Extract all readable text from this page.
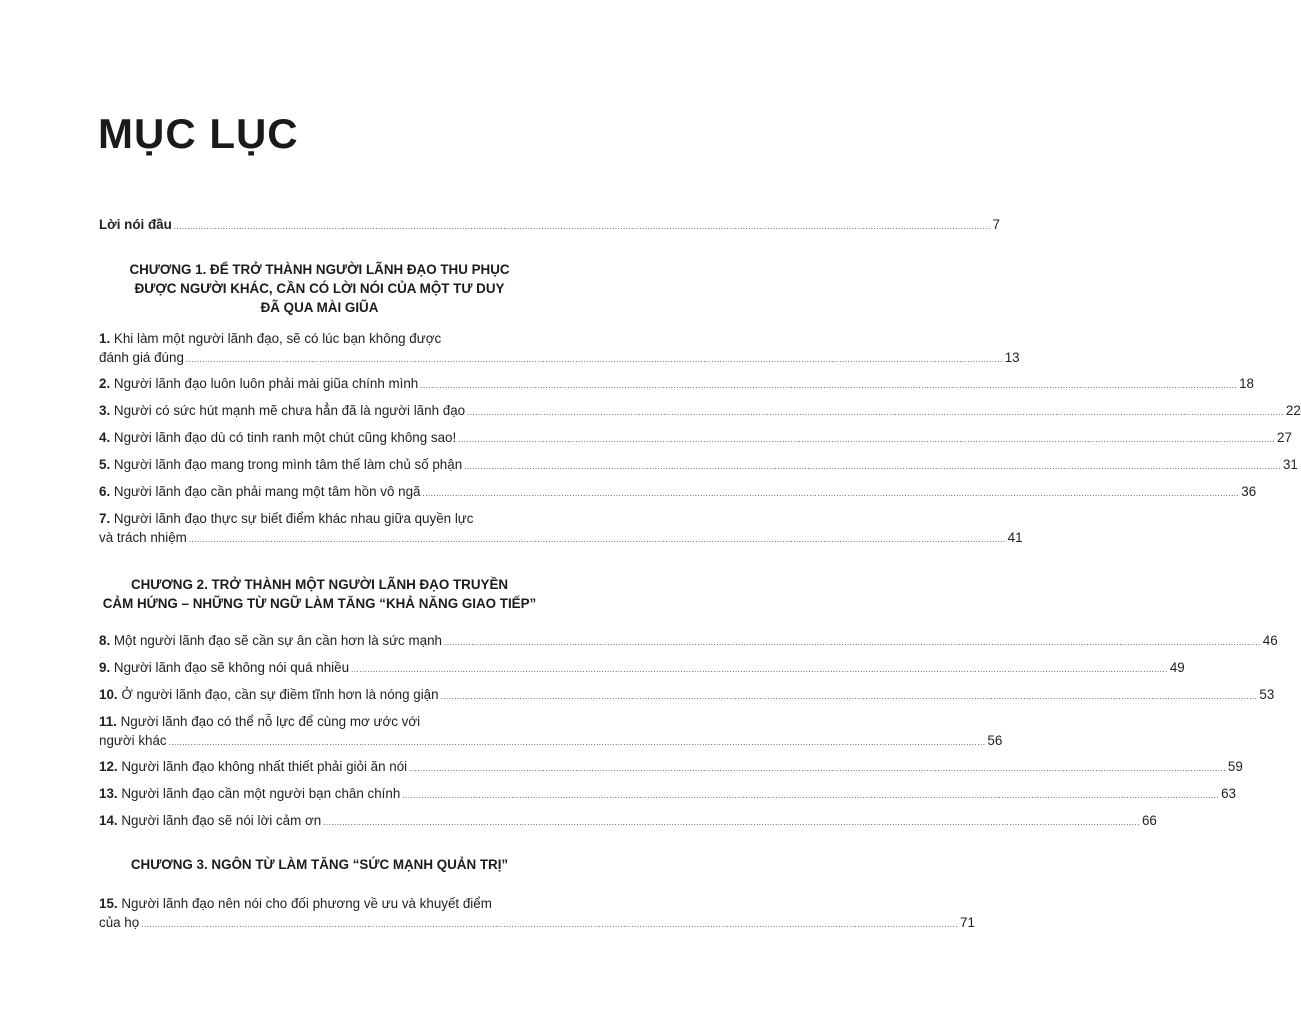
MỤC LỤC
Lời nói đầu ............................................................................................................................................................................................................................................................................................................ 7
CHƯƠNG 1. ĐỂ TRỞ THÀNH NGƯỜI LÃNH ĐẠO THU PHỤC
ĐƯỢC NGƯỜI KHÁC, CẦN CÓ LỜI NÓI CỦA MỘT TƯ DUY
ĐÃ QUA MÀI GIŨA
1. Khi làm một người lãnh đạo, sẽ có lúc bạn không được
đánh giá đúng ............................................................................................................................................................................................................................................................................................................ 13
2. Người lãnh đạo luôn luôn phải mài giũa chính mình ............................................................................................................................................................................................................................................................................................................ 18
3. Người có sức hút mạnh mẽ chưa hẳn đã là người lãnh đạo ............................................................................................................................................................................................................................................................................................................ 22
4. Người lãnh đạo dù có tinh ranh một chút cũng không sao! ............................................................................................................................................................................................................................................................................................................ 27
5. Người lãnh đạo mang trong mình tâm thế làm chủ số phận ............................................................................................................................................................................................................................................................................................................ 31
6. Người lãnh đạo cần phải mang một tâm hồn vô ngã ............................................................................................................................................................................................................................................................................................................ 36
7. Người lãnh đạo thực sự biết điểm khác nhau giữa quyền lực
và trách nhiệm ............................................................................................................................................................................................................................................................................................................ 41
CHƯƠNG 2. TRỞ THÀNH MỘT NGƯỜI LÃNH ĐẠO TRUYỀN
CẢM HỨNG – NHỮNG TỪ NGỮ LÀM TĂNG “KHẢ NĂNG GIAO TIẾP”
8. Một người lãnh đạo sẽ cần sự ân cần hơn là sức mạnh ............................................................................................................................................................................................................................................................................................................ 46
9. Người lãnh đạo sẽ không nói quá nhiều ............................................................................................................................................................................................................................................................................................................ 49
10. Ở người lãnh đạo, cần sự điềm tĩnh hơn là nóng giận ............................................................................................................................................................................................................................................................................................................ 53
11. Người lãnh đạo có thể nỗ lực để cùng mơ ước với
người khác ............................................................................................................................................................................................................................................................................................................ 56
12. Người lãnh đạo không nhất thiết phải giỏi ăn nói ............................................................................................................................................................................................................................................................................................................ 59
13. Người lãnh đạo cần một người bạn chân chính ............................................................................................................................................................................................................................................................................................................ 63
14. Người lãnh đạo sẽ nói lời cảm ơn ............................................................................................................................................................................................................................................................................................................ 66
CHƯƠNG 3. NGÔN TỪ LÀM TĂNG “SỨC MẠNH QUẢN TRỊ”
15. Người lãnh đạo nên nói cho đối phương về ưu và khuyết điểm
của họ ............................................................................................................................................................................................................................................................................................................ 71
